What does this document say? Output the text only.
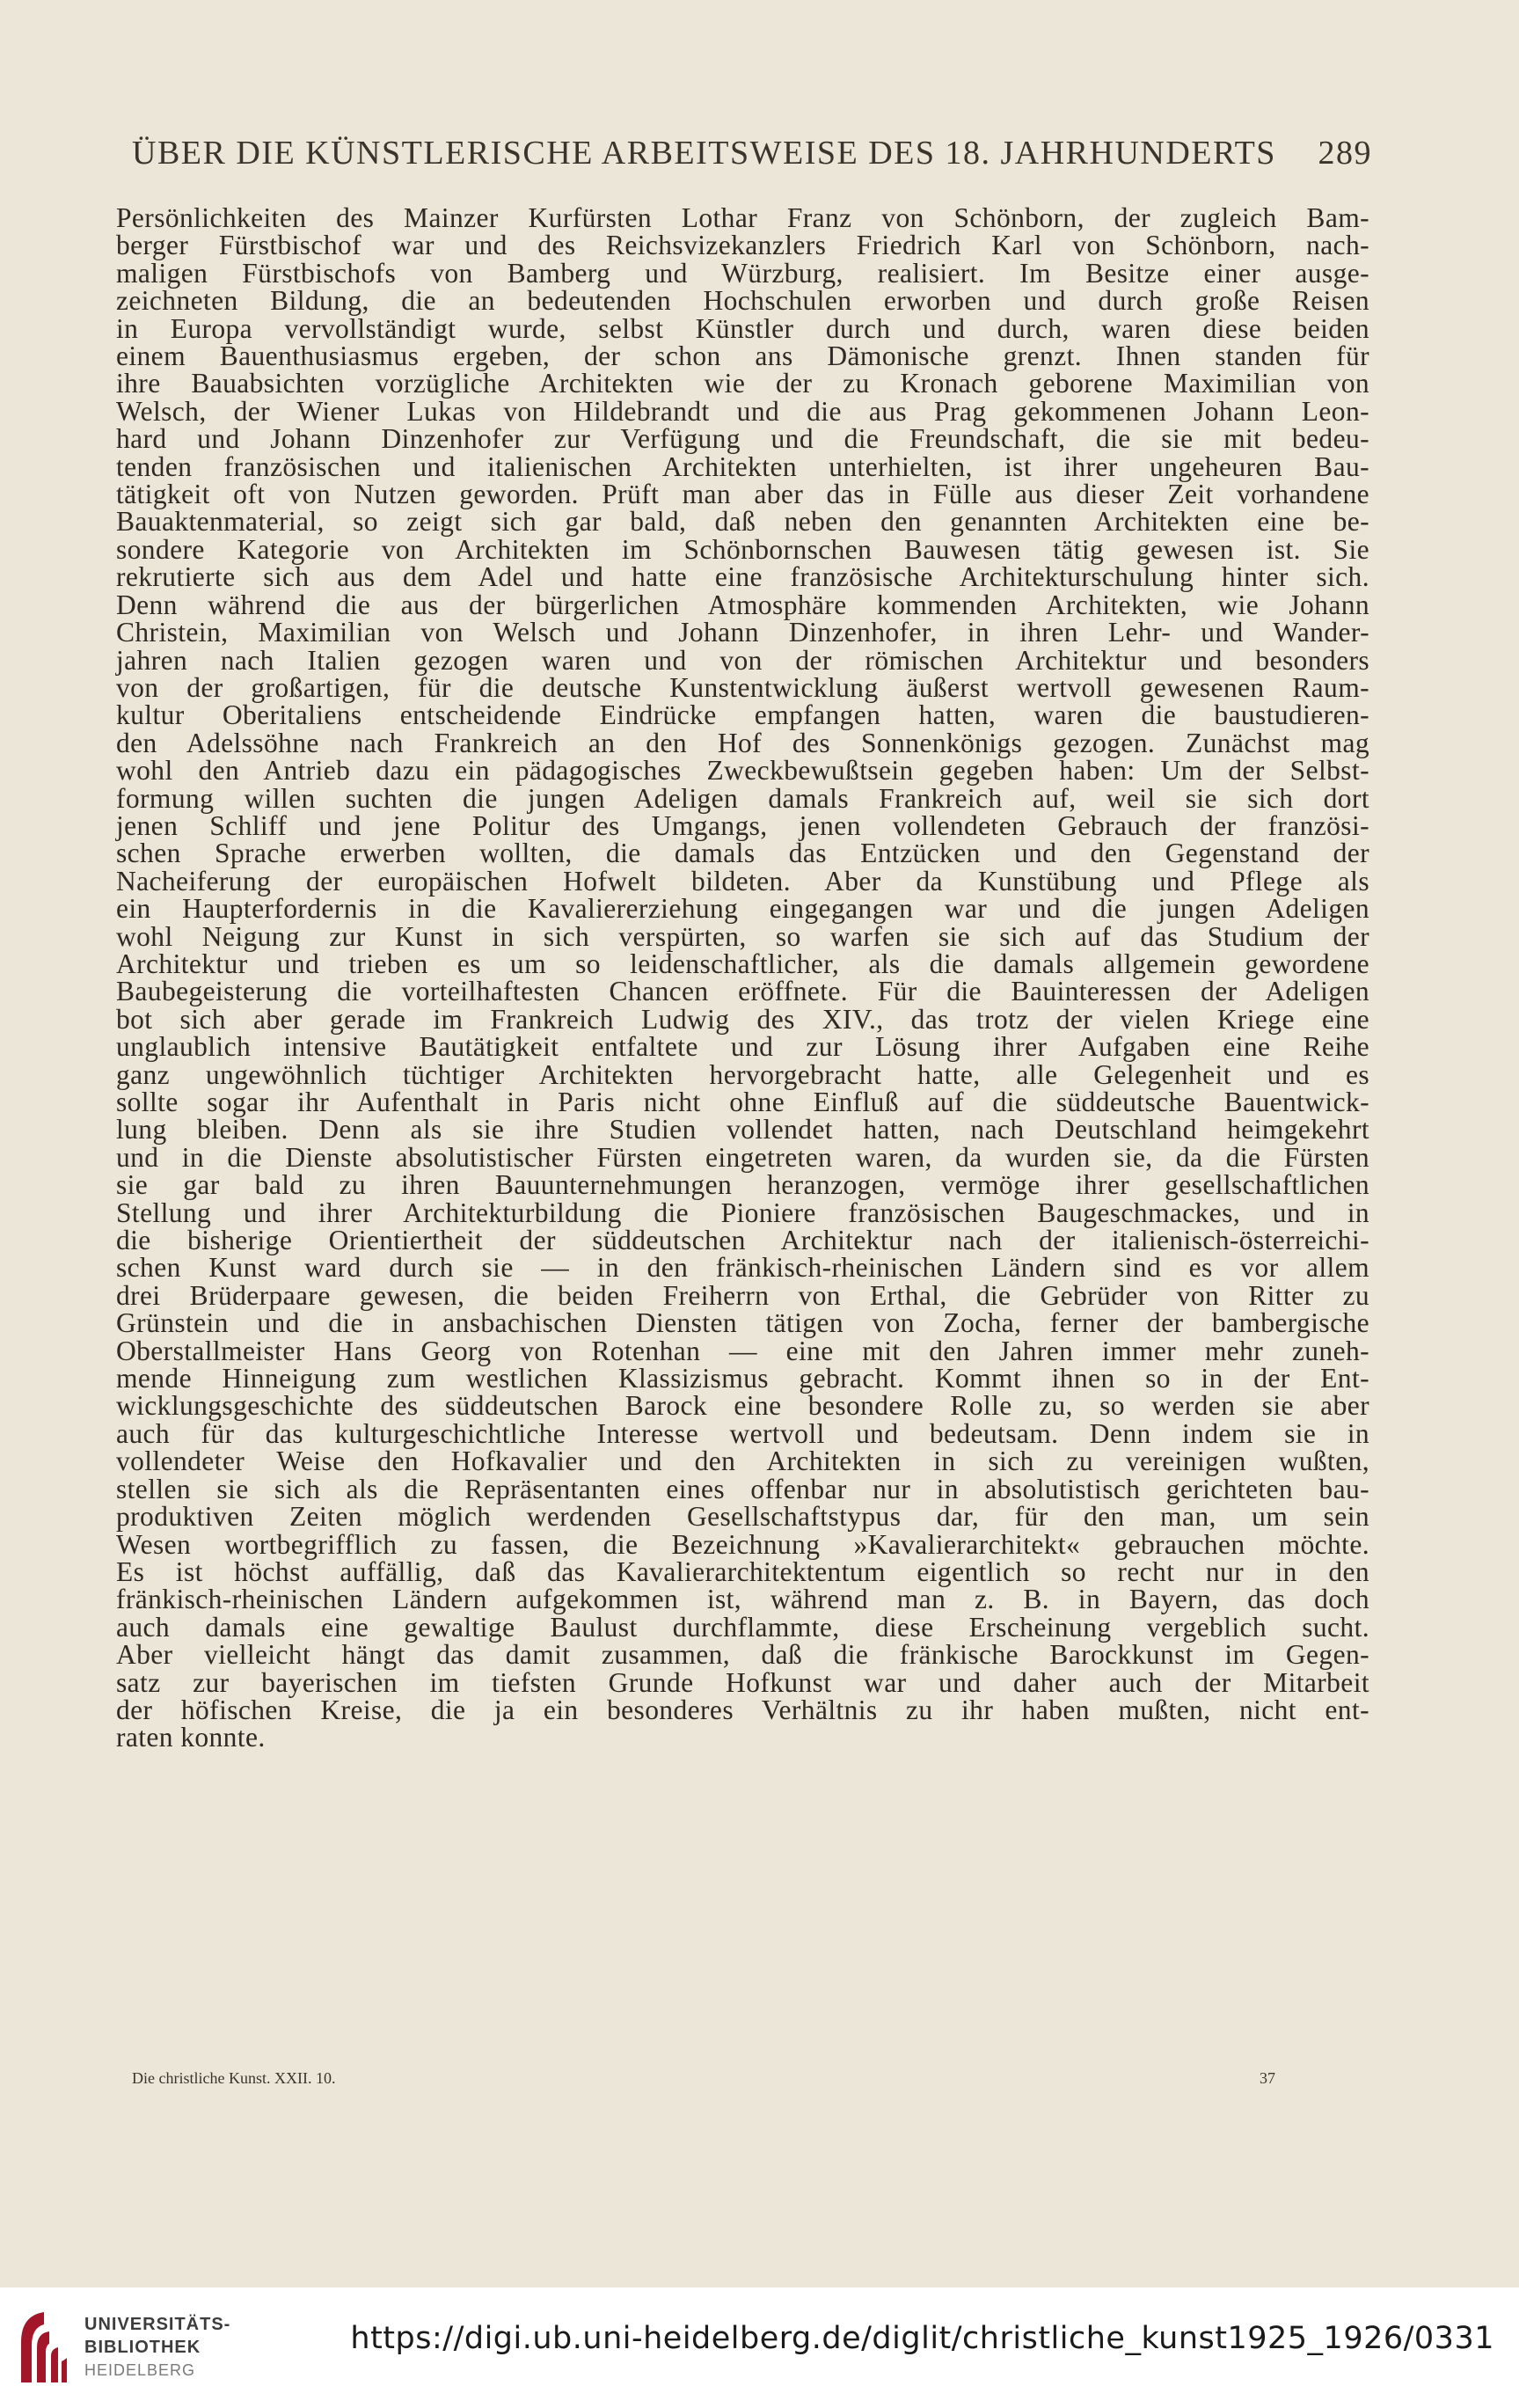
ÜBER DIE KÜNSTLERISCHE ARBEITSWEISE DES 18. JAHRHUNDERTS 289
Persönlichkeiten des Mainzer Kurfürsten Lothar Franz von Schönborn, der zugleich Bam-
berger Fürstbischof war und des Reichsvizekanzlers Friedrich Karl von Schönborn, nach-
maligen Fürstbischofs von Bamberg und Würzburg, realisiert. Im Besitze einer ausge-
zeichneten Bildung, die an bedeutenden Hochschulen erworben und durch große Reisen
in Europa vervollständigt wurde, selbst Künstler durch und durch, waren diese beiden
einem Bauenthusiasmus ergeben, der schon ans Dämonische grenzt. Ihnen standen für
ihre Bauabsichten vorzügliche Architekten wie der zu Kronach geborene Maximilian von
Welsch, der Wiener Lukas von Hildebrandt und die aus Prag gekommenen Johann Leon-
hard und Johann Dinzenhofer zur Verfügung und die Freundschaft, die sie mit bedeu-
tenden französischen und italienischen Architekten unterhielten, ist ihrer ungeheuren Bau-
tätigkeit oft von Nutzen geworden. Prüft man aber das in Fülle aus dieser Zeit vorhandene
Bauaktenmaterial, so zeigt sich gar bald, daß neben den genannten Architekten eine be-
sondere Kategorie von Architekten im Schönbornschen Bauwesen tätig gewesen ist. Sie
rekrutierte sich aus dem Adel und hatte eine französische Architekturschulung hinter sich.
Denn während die aus der bürgerlichen Atmosphäre kommenden Architekten, wie Johann
Christein, Maximilian von Welsch und Johann Dinzenhofer, in ihren Lehr- und Wander-
jahren nach Italien gezogen waren und von der römischen Architektur und besonders
von der großartigen, für die deutsche Kunstentwicklung äußerst wertvoll gewesenen Raum-
kultur Oberitaliens entscheidende Eindrücke empfangen hatten, waren die baustudieren-
den Adelssöhne nach Frankreich an den Hof des Sonnenkönigs gezogen. Zunächst mag
wohl den Antrieb dazu ein pädagogisches Zweckbewußtsein gegeben haben: Um der Selbst-
formung willen suchten die jungen Adeligen damals Frankreich auf, weil sie sich dort
jenen Schliff und jene Politur des Umgangs, jenen vollendeten Gebrauch der französi-
schen Sprache erwerben wollten, die damals das Entzücken und den Gegenstand der
Nacheiferung der europäischen Hofwelt bildeten. Aber da Kunstübung und Pflege als
ein Haupterfordernis in die Kavaliererziehung eingegangen war und die jungen Adeligen
wohl Neigung zur Kunst in sich verspürten, so warfen sie sich auf das Studium der
Architektur und trieben es um so leidenschaftlicher, als die damals allgemein gewordene
Baubegeisterung die vorteilhaftesten Chancen eröffnete. Für die Bauinteressen der Adeligen
bot sich aber gerade im Frankreich Ludwig des XIV., das trotz der vielen Kriege eine
unglaublich intensive Bautätigkeit entfaltete und zur Lösung ihrer Aufgaben eine Reihe
ganz ungewöhnlich tüchtiger Architekten hervorgebracht hatte, alle Gelegenheit und es
sollte sogar ihr Aufenthalt in Paris nicht ohne Einfluß auf die süddeutsche Bauentwick-
lung bleiben. Denn als sie ihre Studien vollendet hatten, nach Deutschland heimgekehrt
und in die Dienste absolutistischer Fürsten eingetreten waren, da wurden sie, da die Fürsten
sie gar bald zu ihren Bauunternehmungen heranzogen, vermöge ihrer gesellschaftlichen
Stellung und ihrer Architekturbildung die Pioniere französischen Baugeschmackes, und in
die bisherige Orientiertheit der süddeutschen Architektur nach der italienisch-österreichi-
schen Kunst ward durch sie — in den fränkisch-rheinischen Ländern sind es vor allem
drei Brüderpaare gewesen, die beiden Freiherrn von Erthal, die Gebrüder von Ritter zu
Grünstein und die in ansbachischen Diensten tätigen von Zocha, ferner der bambergische
Oberstallmeister Hans Georg von Rotenhan — eine mit den Jahren immer mehr zuneh-
mende Hinneigung zum westlichen Klassizismus gebracht. Kommt ihnen so in der Ent-
wicklungsgeschichte des süddeutschen Barock eine besondere Rolle zu, so werden sie aber
auch für das kulturgeschichtliche Interesse wertvoll und bedeutsam. Denn indem sie in
vollendeter Weise den Hofkavalier und den Architekten in sich zu vereinigen wußten,
stellen sie sich als die Repräsentanten eines offenbar nur in absolutistisch gerichteten bau-
produktiven Zeiten möglich werdenden Gesellschaftstypus dar, für den man, um sein
Wesen wortbegrifflich zu fassen, die Bezeichnung »Kavalierarchitekt« gebrauchen möchte.
Es ist höchst auffällig, daß das Kavalierarchitektentum eigentlich so recht nur in den
fränkisch-rheinischen Ländern aufgekommen ist, während man z. B. in Bayern, das doch
auch damals eine gewaltige Baulust durchflammte, diese Erscheinung vergeblich sucht.
Aber vielleicht hängt das damit zusammen, daß die fränkische Barockkunst im Gegen-
satz zur bayerischen im tiefsten Grunde Hofkunst war und daher auch der Mitarbeit
der höfischen Kreise, die ja ein besonderes Verhältnis zu ihr haben mußten, nicht ent-
raten konnte.
Die christliche Kunst. XXII. 10.	37
UNIVERSITÄTS-
BIBLIOTHEK
HEIDELBERG
https://digi.ub.uni-heidelberg.de/diglit/christliche_kunst1925_1926/0331
